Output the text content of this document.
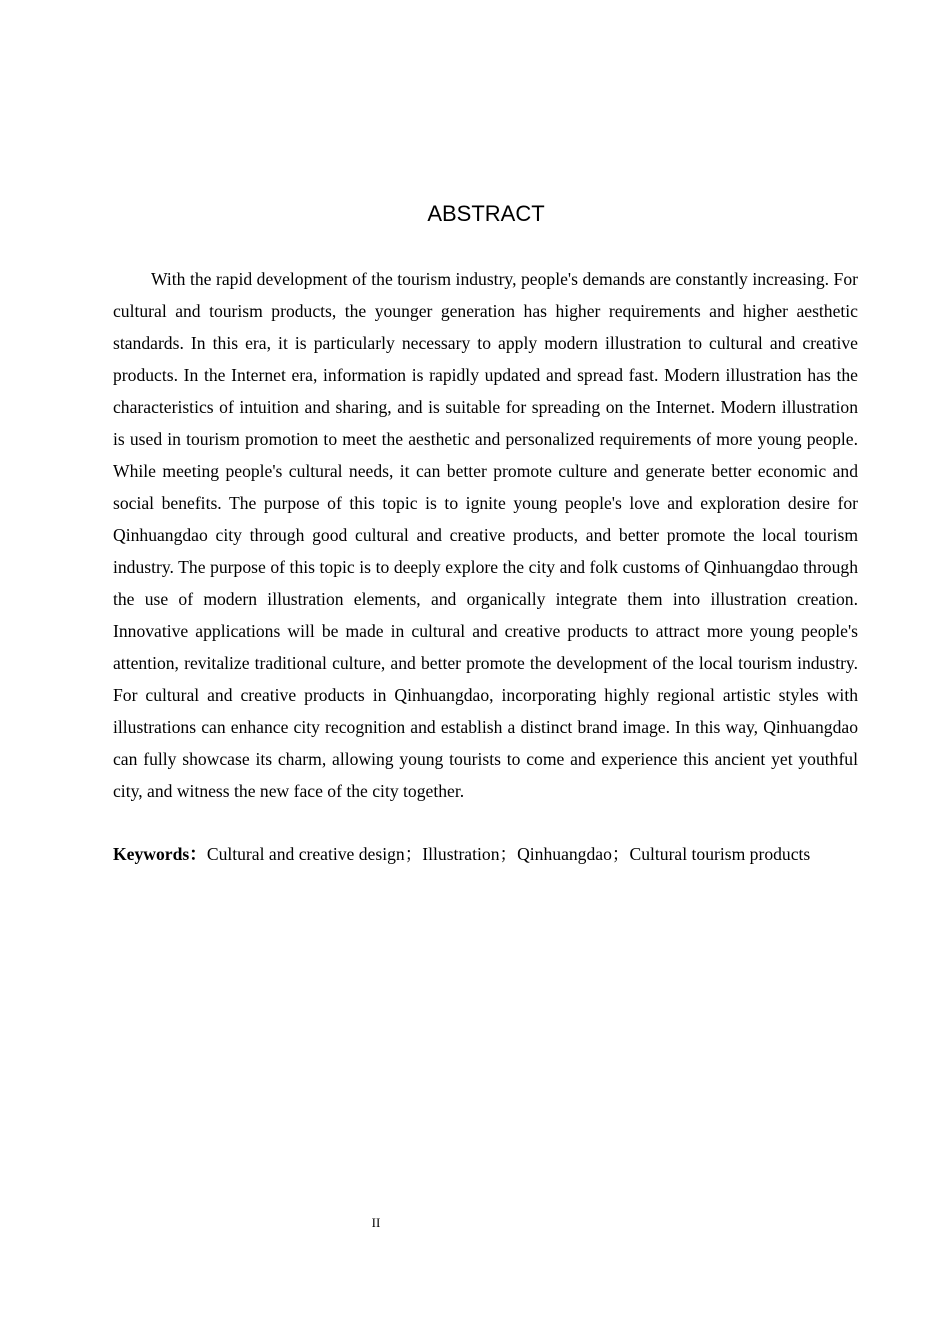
ABSTRACT

With the rapid development of the tourism industry, people's demands are constantly increasing. For cultural and tourism products, the younger generation has higher requirements and higher aesthetic standards. In this era, it is particularly necessary to apply modern illustration to cultural and creative products. In the Internet era, information is rapidly updated and spread fast. Modern illustration has the characteristics of intuition and sharing, and is suitable for spreading on the Internet. Modern illustration is used in tourism promotion to meet the aesthetic and personalized requirements of more young people. While meeting people's cultural needs, it can better promote culture and generate better economic and social benefits. The purpose of this topic is to ignite young people's love and exploration desire for Qinhuangdao city through good cultural and creative products, and better promote the local tourism industry. The purpose of this topic is to deeply explore the city and folk customs of Qinhuangdao through the use of modern illustration elements, and organically integrate them into illustration creation. Innovative applications will be made in cultural and creative products to attract more young people's attention, revitalize traditional culture, and better promote the development of the local tourism industry. For cultural and creative products in Qinhuangdao, incorporating highly regional artistic styles with illustrations can enhance city recognition and establish a distinct brand image. In this way, Qinhuangdao can fully showcase its charm, allowing young tourists to come and experience this ancient yet youthful city, and witness the new face of the city together.

Keywords：Cultural and creative design；Illustration；Qinhuangdao；Cultural tourism products

II
